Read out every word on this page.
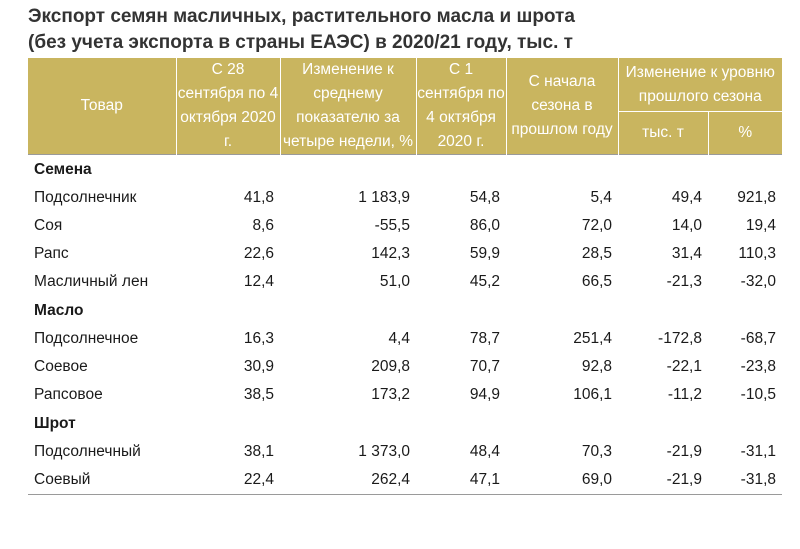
Экспорт семян масличных, растительного масла и шрота
(без учета экспорта в страны ЕАЭС) в 2020/21 году, тыс. т
Товар	С 28 сентября по 4 октября 2020 г.	Изменение к среднему показателю за четыре недели, %	С 1 сентября по 4 октября 2020 г.	С начала сезона в прошлом году	Изменение к уровню прошлого сезона	
					тыс. т	%
Семена						
Подсолнечник	41,8	1 183,9	54,8	5,4	49,4	921,8
Соя	8,6	-55,5	86,0	72,0	14,0	19,4
Рапс	22,6	142,3	59,9	28,5	31,4	110,3
Масличный лен	12,4	51,0	45,2	66,5	-21,3	-32,0
Масло						
Подсолнечное	16,3	4,4	78,7	251,4	-172,8	-68,7
Соевое	30,9	209,8	70,7	92,8	-22,1	-23,8
Рапсовое	38,5	173,2	94,9	106,1	-11,2	-10,5
Шрот						
Подсолнечный	38,1	1 373,0	48,4	70,3	-21,9	-31,1
Соевый	22,4	262,4	47,1	69,0	-21,9	-31,8
